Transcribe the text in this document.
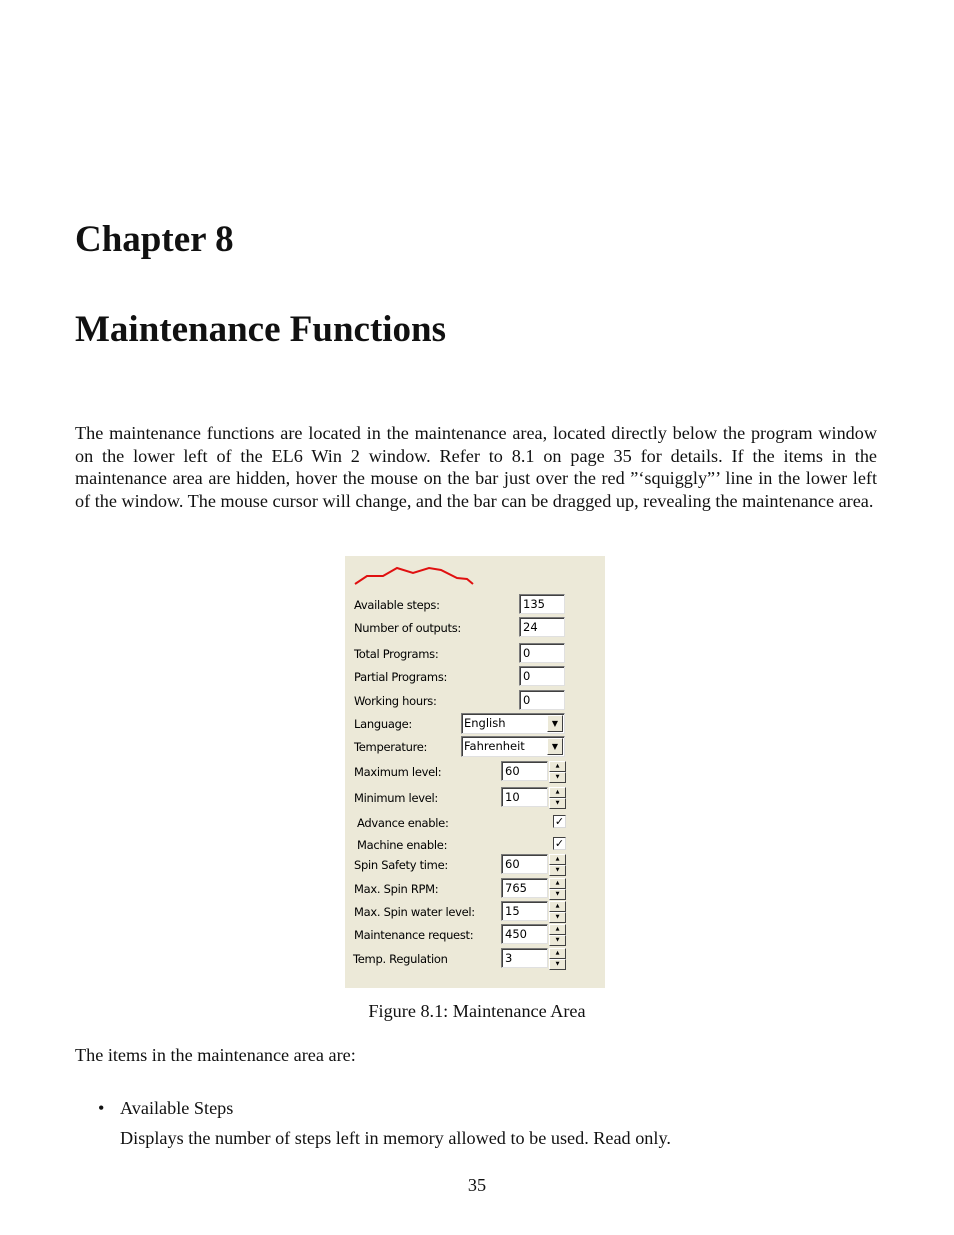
Chapter 8
Maintenance Functions

The maintenance functions are located in the maintenance area, located directly below the program window on the lower left of the EL6 Win 2 window. Refer to 8.1 on page 35 for details. If the items in the maintenance area are hidden, hover the mouse on the bar just over the red ”‘squiggly”’ line in the lower left of the window. The mouse cursor will change, and the bar can be dragged up, revealing the maintenance area.

Available steps:	135
Number of outputs:	24
Total Programs:	0
Partial Programs:	0
Working hours:	0
Language:	English	▼
Temperature:	Fahrenheit	▼
Maximum level:	60	▲
▼
Minimum level:	10	▲
▼
Advance enable:	✓
Machine enable:	✓
Spin Safety time:	60	▲
▼
Max. Spin RPM:	765	▲
▼
Max. Spin water level:	15	▲
▼
Maintenance request:	450	▲
▼
Temp. Regulation	3	▲
▼

Figure 8.1: Maintenance Area

The items in the maintenance area are:

• Available Steps

Displays the number of steps left in memory allowed to be used. Read only.

35
